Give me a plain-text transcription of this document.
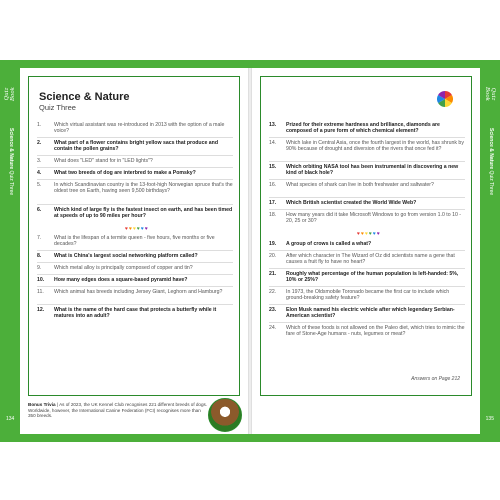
Quiz Book
Science & Nature Quiz Three
134
Science & Nature
Quiz Three
1.	Which virtual assistant was re-introduced in 2013 with the option of a male voice?
2.	What part of a flower contains bright yellow sacs that produce and contain the pollen grains?
3.	What does "LED" stand for in "LED lights"?
4.	What two breeds of dog are interbred to make a Pomsky?
5.	In which Scandinavian country is the 13-foot-high Norwegian spruce that's the oldest tree on Earth, having seen 9,500 birthdays?
6.	Which kind of large fly is the fastest insect on earth, and has been timed at speeds of up to 90 miles per hour?
♥♥♥♥♥♥
7.	What is the lifespan of a termite queen - five hours, five months or five decades?
8.	What is China's largest social networking platform called?
9.	Which metal alloy is principally composed of copper and tin?
10.	How many edges does a square-based pyramid have?
11.	Which animal has breeds including Jersey Giant, Leghorn and Hamburg?
12.	What is the name of the hard case that protects a butterfly while it matures into an adult?
Bonus Trivia | As of 2023, the UK Kennel Club recognises 221 different breeds of dogs. Worldwide, however, the International Canine Federation (FCI) recognises more than 350 breeds.
13.	Prized for their extreme hardness and brilliance, diamonds are composed of a pure form of which chemical element?
14.	Which lake in Central Asia, once the fourth largest in the world, has shrunk by 90% because of drought and diversion of the rivers that once fed it?
15.	Which orbiting NASA tool has been instrumental in discovering a new kind of black hole?
16.	What species of shark can live in both freshwater and saltwater?
17.	Which British scientist created the World Wide Web?
18.	How many years did it take Microsoft Windows to go from version 1.0 to 10 - 20, 25 or 30?
♥♥♥♥♥♥
19.	A group of crows is called a what?
20.	After which character in The Wizard of Oz did scientists name a gene that causes a fruit fly to have no heart?
21.	Roughly what percentage of the human population is left-handed: 5%, 10% or 25%?
22.	In 1973, the Oldsmobile Toronado became the first car to include which ground-breaking safety feature?
23.	Elon Musk named his electric vehicle after which legendary Serbian-American scientist?
24.	Which of these foods is not allowed on the Paleo diet, which tries to mimic the fare of Stone-Age humans - nuts, legumes or meat?
Answers on Page 212
Quiz Book
Science & Nature Quiz Three
135
